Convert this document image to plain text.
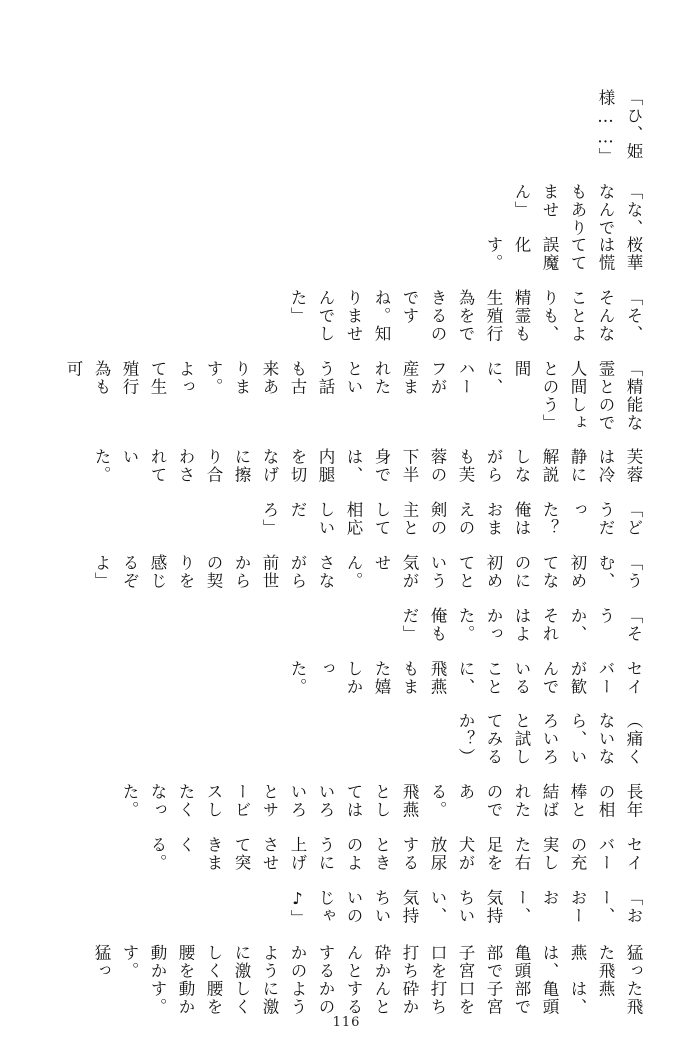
「ひ、姫様……」
「な、なんでもありません」
桜華は慌てて誤魔化す。
「そ、そんなことよりも、精霊も生殖行為をできるのですね。知りませんでした」
「精霊と人間との間に、ハーフが産まれたという話も古来あります。よって生殖行為も可
能なのでしょう」
芙蓉は冷静に解説しながらも芙蓉の下半身では、内腿を切なげに擦り合わされていた。
「どうだった？　俺はおまえの剣の主として相応しいだろ」
「うむ、初めてなのに初めてという気がせん。さながら前世からの契りを感じるぞよ」
「そうか、それはよかった。俺もだ」
セイバーが歓んでいることに、飛燕もまた嬉しかった。
（痛くないなら、いろいろと試してみるか？）
長年の相棒と結ばれたのである。飛燕としてはいろいろとサービスしたくなった。
セイバーの充実した右足を犬が放尿するときのように上げさせて突きまくる。
「おー、おーおー、気持ちいい、気持ちいいのじゃ♪」
猛った飛燕は、亀頭部で子宮口を打ち砕かんとするかのように激しく腰を動かす。猛っ
た飛燕は、亀頭部で子宮口を打ち砕かんとするかのように激しく腰を動かす。
116
